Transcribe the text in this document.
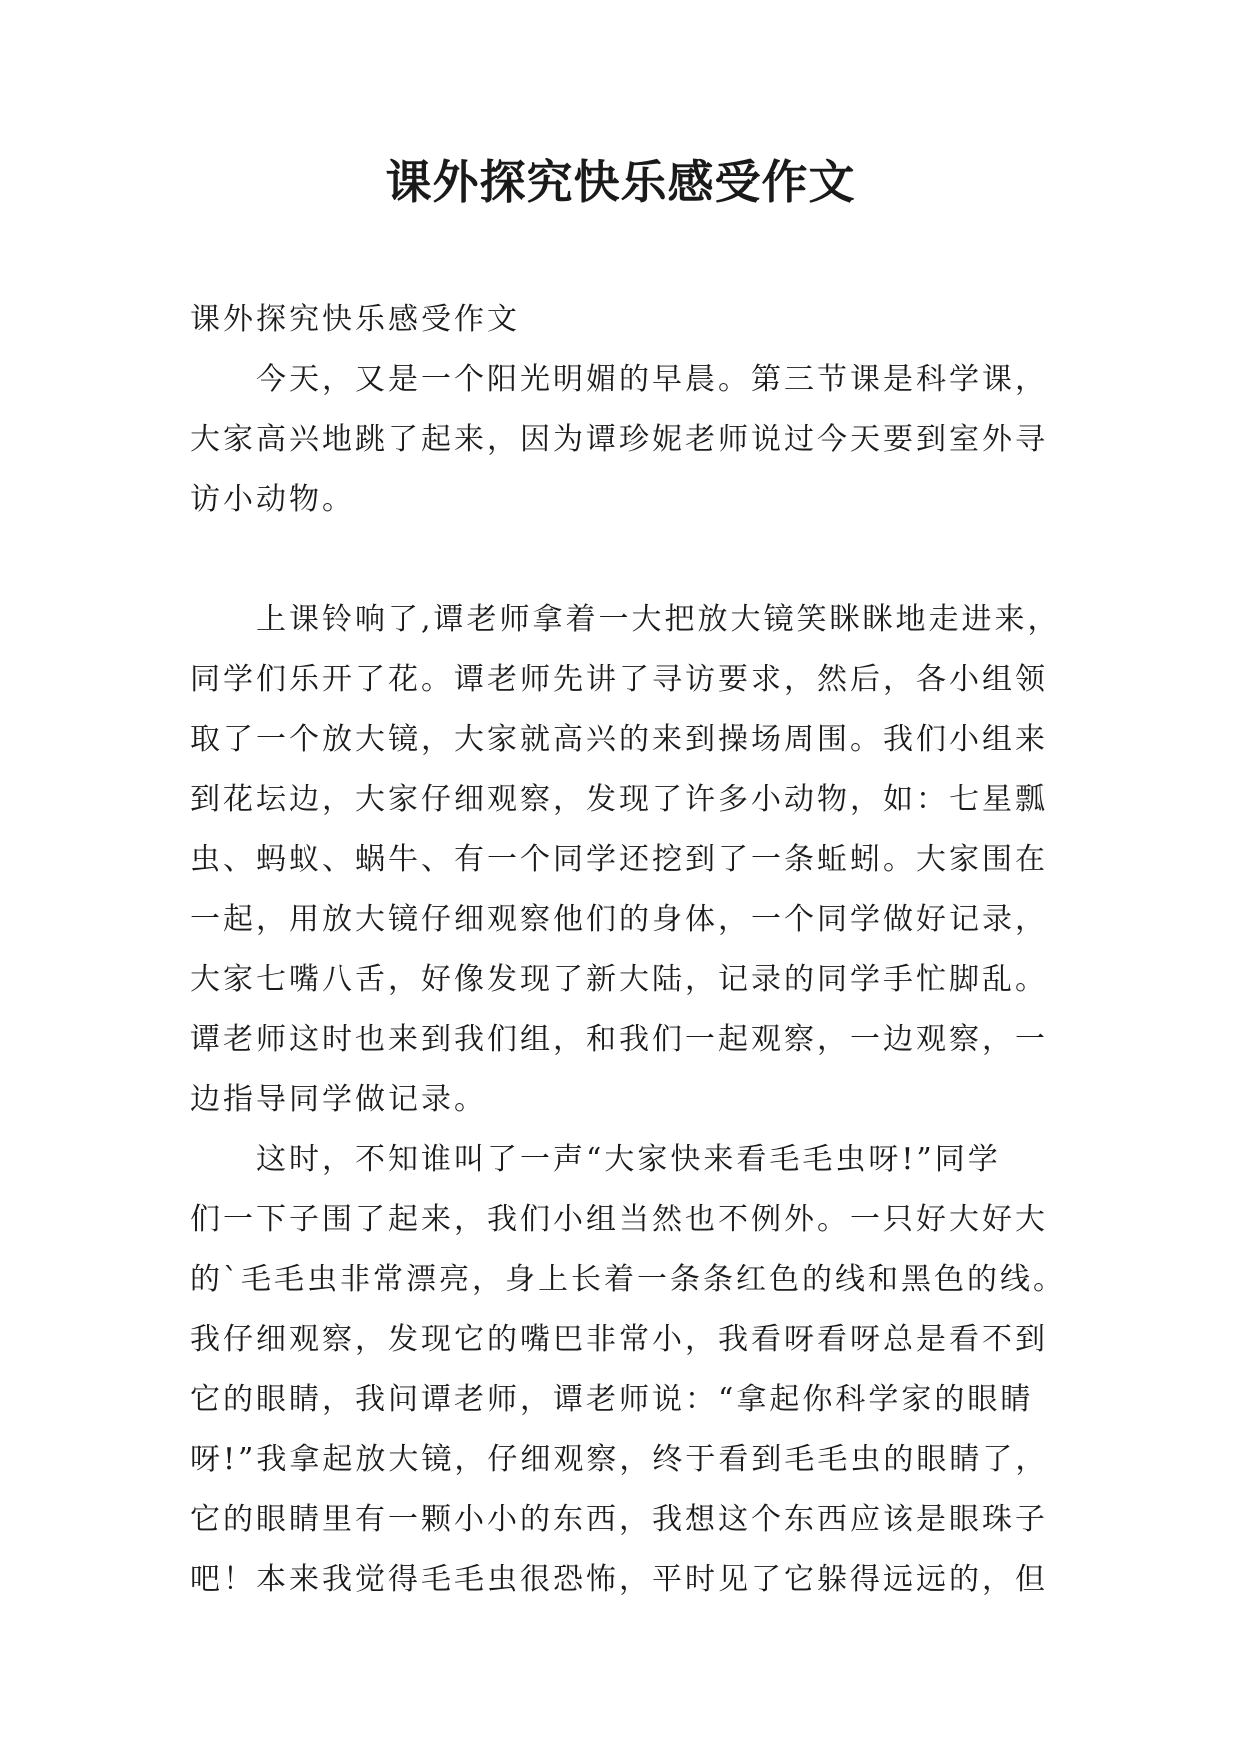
课外探究快乐感受作文
课外探究快乐感受作文
今天，又是一个阳光明媚的早晨。第三节课是科学课，
大家高兴地跳了起来，因为谭珍妮老师说过今天要到室外寻
访小动物。
上课铃响了,谭老师拿着一大把放大镜笑眯眯地走进来，
同学们乐开了花。谭老师先讲了寻访要求，然后，各小组领
取了一个放大镜，大家就高兴的来到操场周围。我们小组来
到花坛边，大家仔细观察，发现了许多小动物，如：七星瓢
虫、蚂蚁、蜗牛、有一个同学还挖到了一条蚯蚓。大家围在
一起，用放大镜仔细观察他们的身体，一个同学做好记录，
大家七嘴八舌，好像发现了新大陆，记录的同学手忙脚乱。
谭老师这时也来到我们组，和我们一起观察，一边观察，一
边指导同学做记录。
这时，不知谁叫了一声“大家快来看毛毛虫呀!”同学
们一下子围了起来，我们小组当然也不例外。一只好大好大
的`毛毛虫非常漂亮，身上长着一条条红色的线和黑色的线。
我仔细观察，发现它的嘴巴非常小，我看呀看呀总是看不到
它的眼睛，我问谭老师，谭老师说：“拿起你科学家的眼睛
呀!”我拿起放大镜，仔细观察，终于看到毛毛虫的眼睛了，
它的眼睛里有一颗小小的东西，我想这个东西应该是眼珠子
吧！本来我觉得毛毛虫很恐怖，平时见了它躲得远远的，但
